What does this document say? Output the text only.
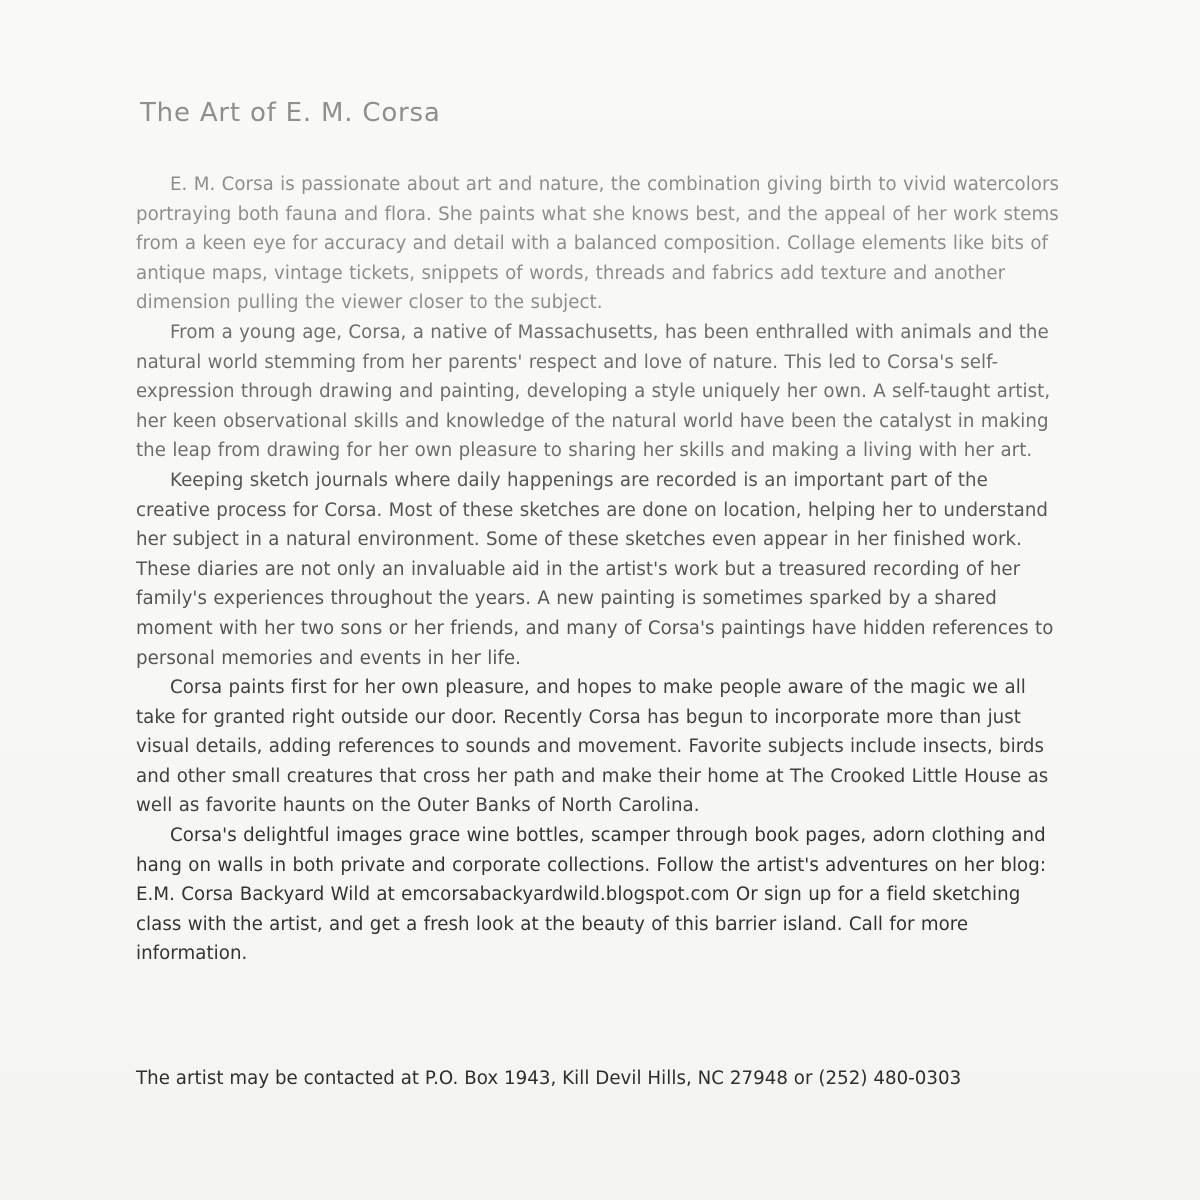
The Art of E. M. Corsa

E. M. Corsa is passionate about art and nature, the combination giving birth to vivid watercolors portraying both fauna and flora. She paints what she knows best, and the appeal of her work stems from a keen eye for accuracy and detail with a balanced composition. Collage elements like bits of antique maps, vintage tickets, snippets of words, threads and fabrics add texture and another dimension pulling the viewer closer to the subject.

From a young age, Corsa, a native of Massachusetts, has been enthralled with animals and the natural world stemming from her parents' respect and love of nature. This led to Corsa's self-expression through drawing and painting, developing a style uniquely her own. A self-taught artist, her keen observational skills and knowledge of the natural world have been the catalyst in making the leap from drawing for her own pleasure to sharing her skills and making a living with her art.

Keeping sketch journals where daily happenings are recorded is an important part of the creative process for Corsa. Most of these sketches are done on location, helping her to understand her subject in a natural environment. Some of these sketches even appear in her finished work. These diaries are not only an invaluable aid in the artist's work but a treasured recording of her family's experiences throughout the years. A new painting is sometimes sparked by a shared moment with her two sons or her friends, and many of Corsa's paintings have hidden references to personal memories and events in her life.

Corsa paints first for her own pleasure, and hopes to make people aware of the magic we all take for granted right outside our door. Recently Corsa has begun to incorporate more than just visual details, adding references to sounds and movement. Favorite subjects include insects, birds and other small creatures that cross her path and make their home at The Crooked Little House as well as favorite haunts on the Outer Banks of North Carolina.

Corsa's delightful images grace wine bottles, scamper through book pages, adorn clothing and hang on walls in both private and corporate collections. Follow the artist's adventures on her blog: E.M. Corsa Backyard Wild at emcorsabackyardwild.blogspot.com Or sign up for a field sketching class with the artist, and get a fresh look at the beauty of this barrier island. Call for more information.

The artist may be contacted at P.O. Box 1943, Kill Devil Hills, NC 27948 or (252) 480-0303
